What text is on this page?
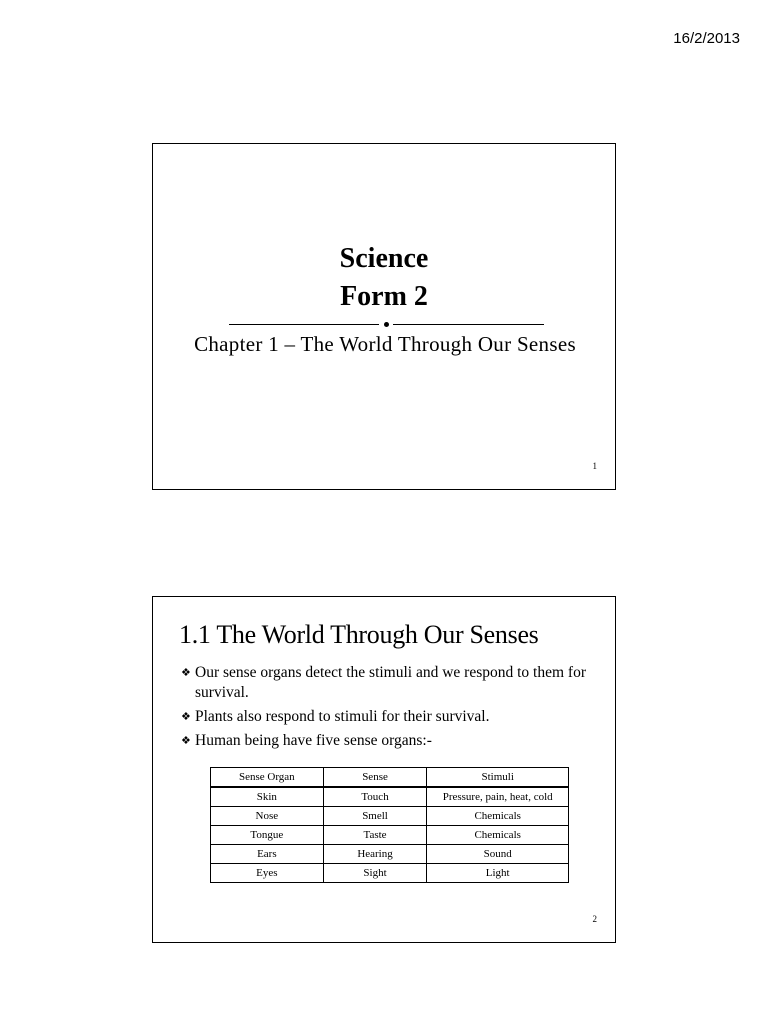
16/2/2013
Science
Form 2
Chapter 1 – The World Through Our Senses
1
1.1 The World Through Our Senses
❖ Our sense organs detect the stimuli and we respond to them for survival.
❖ Plants also respond to stimuli for their survival.
❖ Human being have five sense organs:-
Sense Organ	Sense	Stimuli
Skin	Touch	Pressure, pain, heat, cold
Nose	Smell	Chemicals
Tongue	Taste	Chemicals
Ears	Hearing	Sound
Eyes	Sight	Light
2
